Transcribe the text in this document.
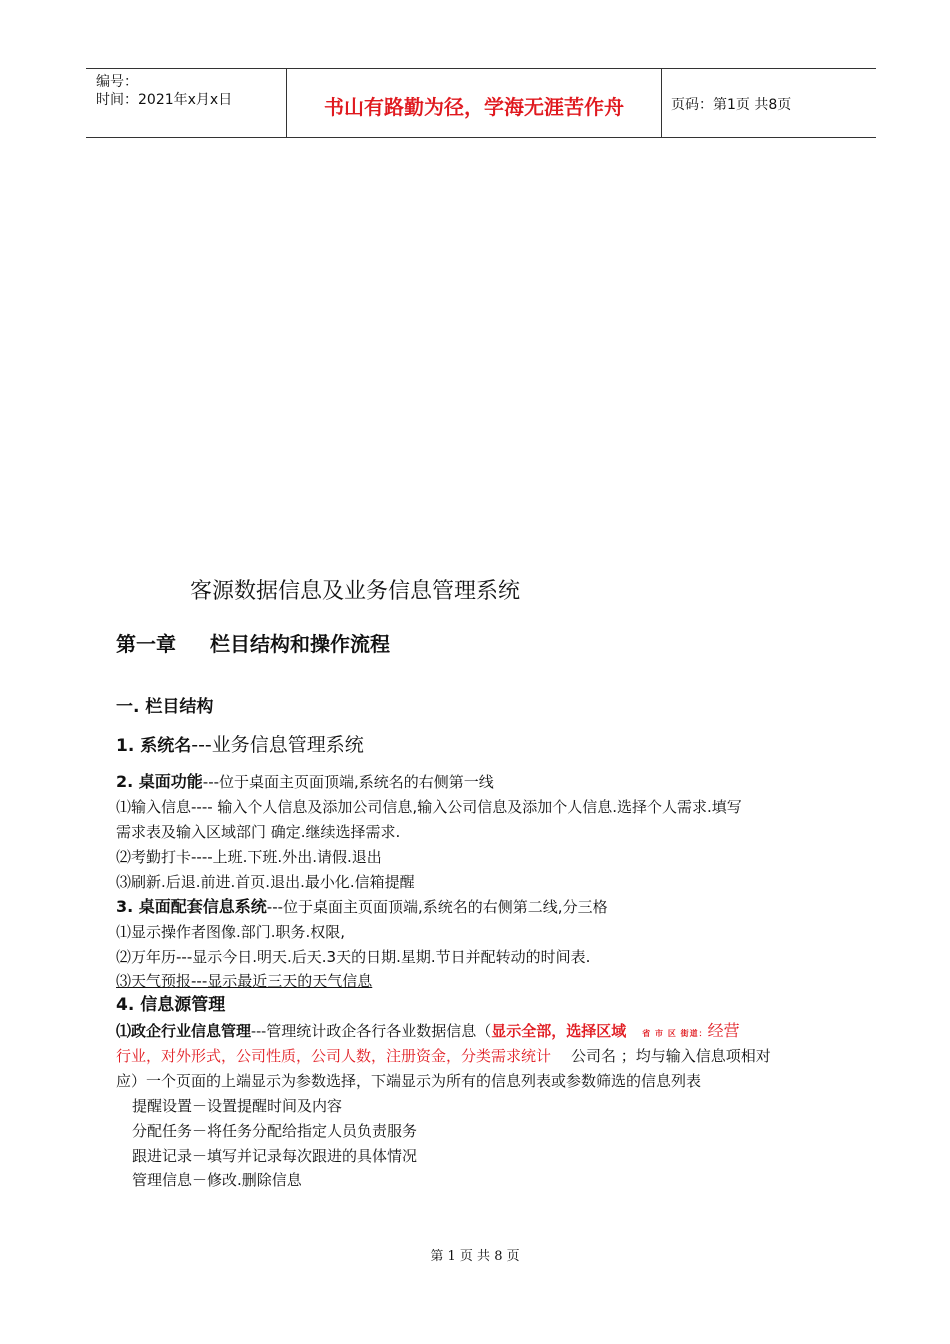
编号：
时间：2021年x月x日	书山有路勤为径，学海无涯苦作舟	页码：第1页 共8页
客源数据信息及业务信息管理系统
第一章 栏目结构和操作流程
一. 栏目结构
1. 系统名---业务信息管理系统
2. 桌面功能---位于桌面主页面顶端,系统名的右侧第一线
⑴输入信息---- 输入个人信息及添加公司信息,输入公司信息及添加个人信息.选择个人需求.填写
需求表及输入区域部门 确定.继续选择需求.
⑵考勤打卡----上班.下班.外出.请假.退出
⑶刷新.后退.前进.首页.退出.最小化.信箱提醒
3. 桌面配套信息系统---位于桌面主页面顶端,系统名的右侧第二线,分三格
⑴显示操作者图像.部门.职务.权限,
⑵万年历---显示今日.明天.后天.3天的日期.星期.节日并配转动的时间表.
⑶天气预报---显示最近三天的天气信息
4. 信息源管理
⑴政企行业信息管理---管理统计政企各行各业数据信息（显示全部，选择区域 省 市 区 街道：经营
行业，对外形式，公司性质，公司人数，注册资金，分类需求统计 公司名 ；均与输入信息项相对
应）一个页面的上端显示为参数选择，下端显示为所有的信息列表或参数筛选的信息列表
提醒设置－设置提醒时间及内容
分配任务－将任务分配给指定人员负责服务
跟进记录－填写并记录每次跟进的具体情况
管理信息－修改.删除信息
第 1 页 共 8 页
